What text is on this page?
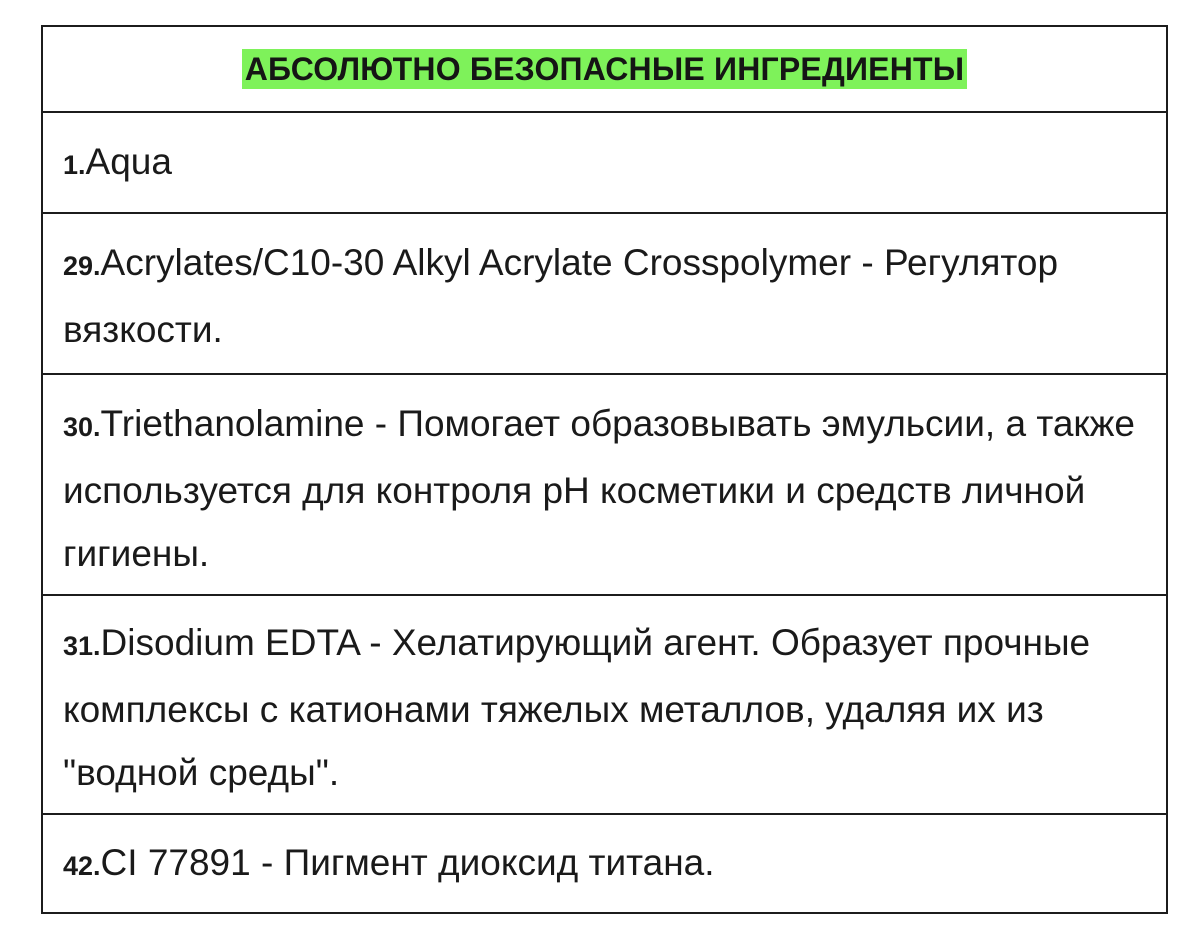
АБСОЛЮТНО БЕЗОПАСНЫЕ ИНГРЕДИЕНТЫ
1.Aqua
29.Acrylates/C10-30 Alkyl Acrylate Crosspolymer - Регулятор вязкости.
30.Triethanolamine - Помогает образовывать эмульсии, а также используется для контроля pH косметики и средств личной гигиены.
31.Disodium EDTA - Хелатирующий агент. Образует прочные комплексы с катионами тяжелых металлов, удаляя их из "водной среды".
42.CI 77891 - Пигмент диоксид титана.
